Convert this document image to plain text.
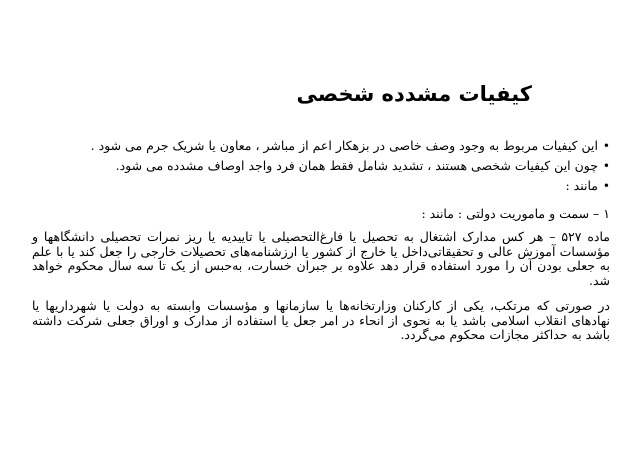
کیفیات مشدده شخصی
•
این کیفیات مربوط به وجود وصف خاصی در بزهکار اعم از مباشر ، معاون یا شریک جرم می شود .
•
چون این کیفیات شخصی هستند ، تشدید شامل فقط همان فرد واجد اوصاف مشدده می شود.
•
مانند :

۱ – سمت و ماموریت دولتی : مانند :

ماده ۵۲۷ – هر کس مدارک اشتغال به تحصیل یا فارغ‌التحصیلی یا تاییدیه یا ریز نمرات تحصیلی دانشگاهها و مؤسسات آموزش عالی و تحقیقاتی‌داخل یا خارج از کشور یا ارزشنامه‌های تحصیلات خارجی را جعل کند یا با علم به جعلی بودن آن را مورد استفاده قرار دهد علاوه بر جبران خسارت، به‌حبس از یک تا سه سال محکوم خواهد شد.

در صورتی که مرتکب، یکی از کارکنان وزارتخانه‌ها یا سازمانها و مؤسسات وابسته به دولت یا شهرداریها یا نهادهای انقلاب اسلامی باشد یا به نحوی از انحاء در امر جعل یا استفاده از مدارک و اوراق جعلی شرکت داشته باشد به حداکثر مجازات محکوم می‌گردد.
